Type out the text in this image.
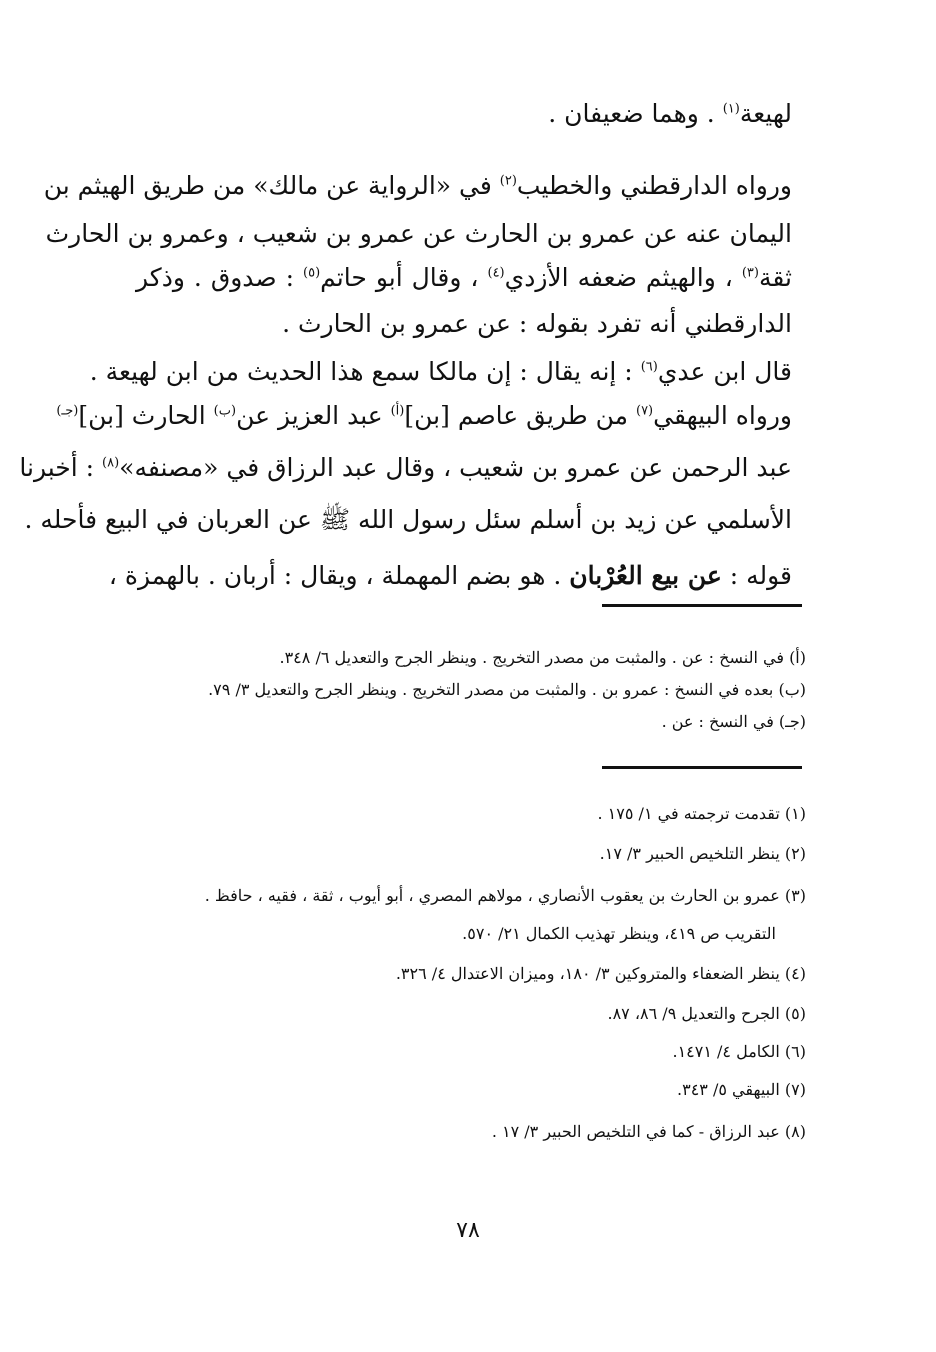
لهيعة$^{(١)}$ . وهما ضعيفان .
ورواه الدارقطني والخطيب$^{(٢)}$ في «الرواية عن مالك» من طريق الهيثم بن
اليمان عنه عن عمرو بن الحارث عن عمرو بن شعيب ، وعمرو بن الحارث
ثقة$^{(٣)}$ ، والهيثم ضعفه الأزدي$^{(٤)}$ ، وقال أبو حاتم$^{(٥)}$ : صدوق . وذكر
الدارقطني أنه تفرد بقوله : عن عمرو بن الحارث .
قال ابن عدي$^{(٦)}$ : إنه يقال : إن مالكا سمع هذا الحديث من ابن لهيعة .
ورواه البيهقي$^{(٧)}$ من طريق عاصم [بن]$^{(أ)}$ عبد العزيز عن$^{(ب)}$ الحارث [بن]$^{(جـ)}$
عبد الرحمن عن عمرو بن شعيب ، وقال عبد الرزاق في «مصنفه»$^{(٨)}$ : أخبرنا
الأسلمي عن زيد بن أسلم سئل رسول الله ﷺ عن العربان في البيع فأحله .
قوله : عن بيع العُرْبان . هو بضم المهملة ، ويقال : أربان . بالهمزة ،
(أ) في النسخ : عن . والمثبت من مصدر التخريج . وينظر الجرح والتعديل ٦/ ٣٤٨.
(ب) بعده في النسخ : عمرو بن . والمثبت من مصدر التخريج . وينظر الجرح والتعديل ٣/ ٧٩.
(جـ) في النسخ : عن .
(١) تقدمت ترجمته في ١/ ١٧٥ .
(٢) ينظر التلخيص الحبير ٣/ ١٧.
(٣) عمرو بن الحارث بن يعقوب الأنصاري ، مولاهم المصري ، أبو أيوب ، ثقة ، فقيه ، حافظ .
التقريب ص ٤١٩، وينظر تهذيب الكمال ٢١/ ٥٧٠.
(٤) ينظر الضعفاء والمتروكين ٣/ ١٨٠، وميزان الاعتدال ٤/ ٣٢٦.
(٥) الجرح والتعديل ٩/ ٨٦، ٨٧.
(٦) الكامل ٤/ ١٤٧١.
(٧) البيهقي ٥/ ٣٤٣.
(٨) عبد الرزاق - كما في التلخيص الحبير ٣/ ١٧ .
٧٨
